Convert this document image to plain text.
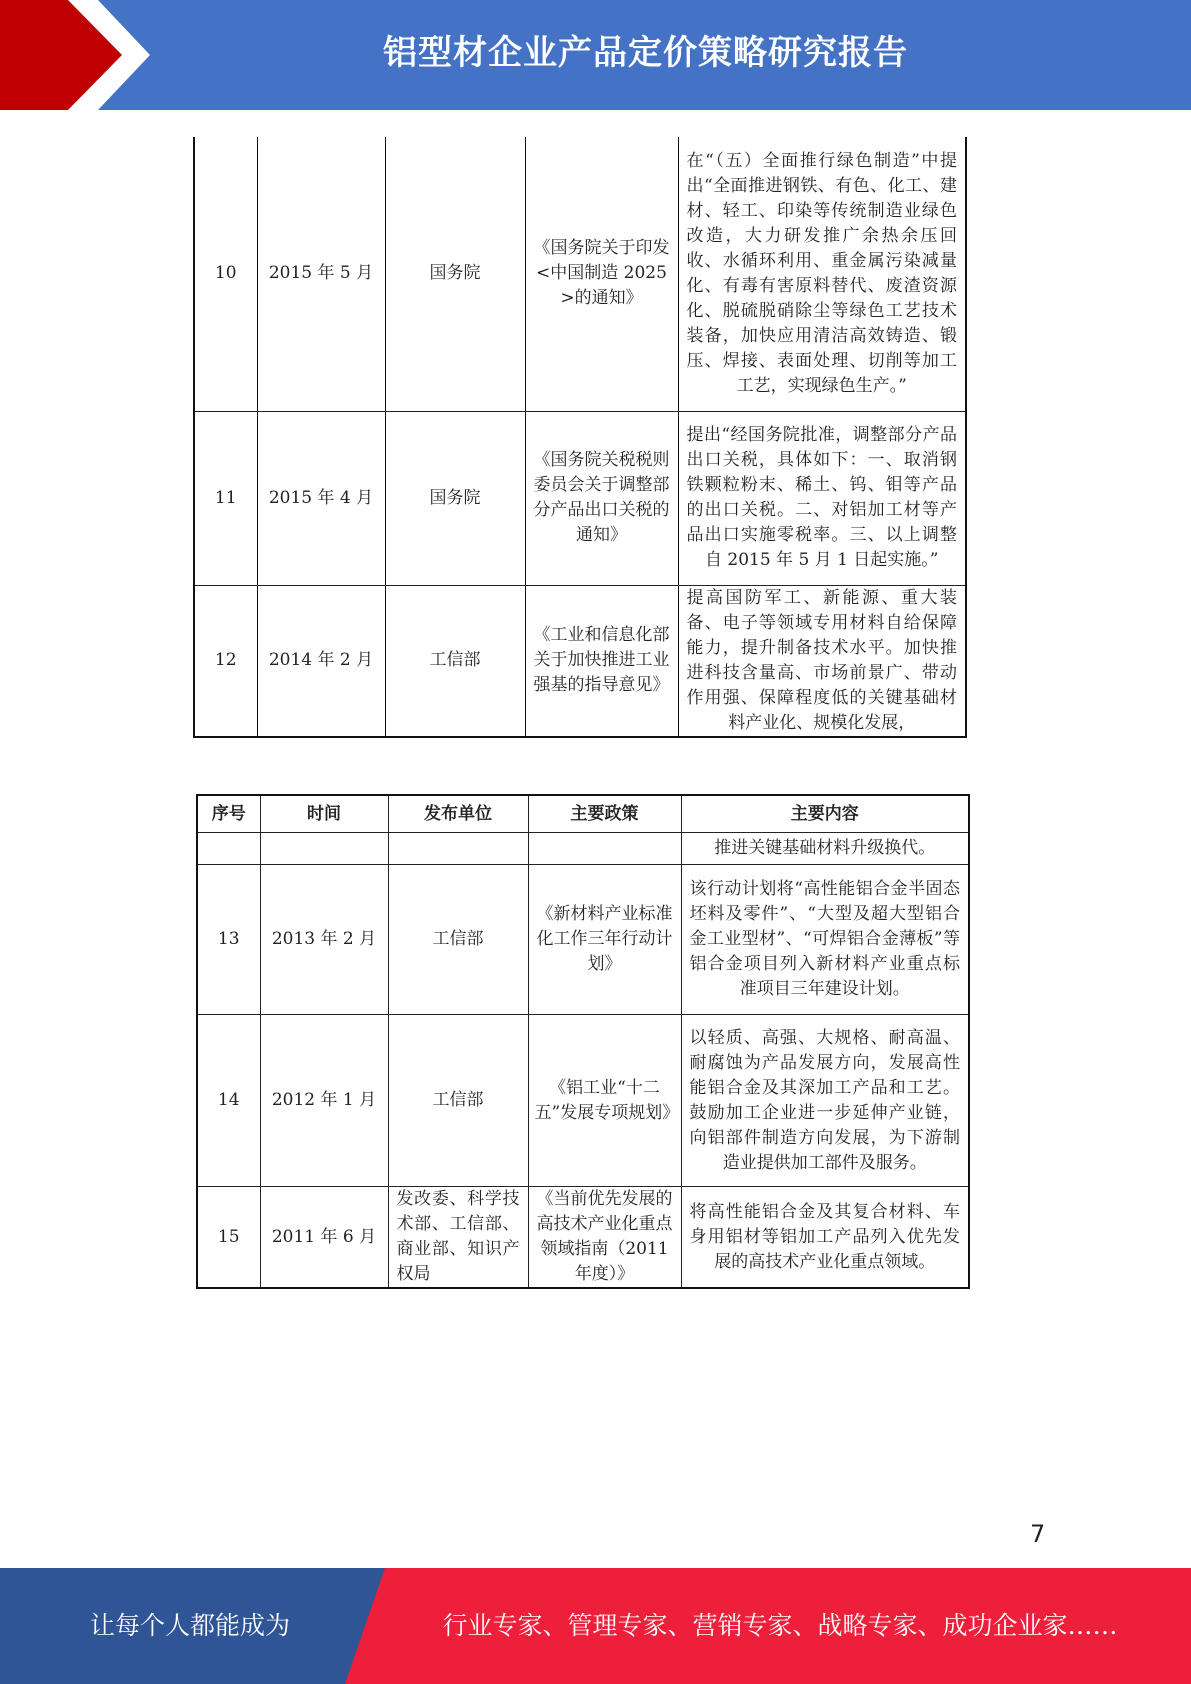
铝型材企业产品定价策略研究报告
10	2015 年 5 月	国务院	《国务院关于印发<中国制造 2025>的通知》	在“（五）全面推行绿色制造”中提出“全面推进钢铁、有色、化工、建材、轻工、印染等传统制造业绿色改造，大力研发推广余热余压回收、水循环利用、重金属污染减量化、有毒有害原料替代、废渣资源化、脱硫脱硝除尘等绿色工艺技术装备，加快应用清洁高效铸造、锻压、焊接、表面处理、切削等加工工艺，实现绿色生产。”
11	2015 年 4 月	国务院	《国务院关税税则委员会关于调整部分产品出口关税的通知》	提出“经国务院批准，调整部分产品出口关税，具体如下：一、取消钢铁颗粒粉末、稀土、钨、钼等产品的出口关税。二、对铝加工材等产品出口实施零税率。三、以上调整自 2015 年 5 月 1 日起实施。”
12	2014 年 2 月	工信部	《工业和信息化部关于加快推进工业强基的指导意见》	提高国防军工、新能源、重大装备、电子等领域专用材料自给保障能力，提升制备技术水平。加快推进科技含量高、市场前景广、带动作用强、保障程度低的关键基础材料产业化、规模化发展，
序号	时间	发布单位	主要政策	主要内容
				推进关键基础材料升级换代。
13	2013 年 2 月	工信部	《新材料产业标准化工作三年行动计划》	该行动计划将“高性能铝合金半固态坯料及零件”、“大型及超大型铝合金工业型材”、“可焊铝合金薄板”等铝合金项目列入新材料产业重点标准项目三年建设计划。
14	2012 年 1 月	工信部	《铝工业“十二五”发展专项规划》	以轻质、高强、大规格、耐高温、耐腐蚀为产品发展方向，发展高性能铝合金及其深加工产品和工艺。鼓励加工企业进一步延伸产业链，向铝部件制造方向发展，为下游制造业提供加工部件及服务。
15	2011 年 6 月	发改委、科学技术部、工信部、商业部、知识产权局	《当前优先发展的高技术产业化重点领域指南（2011 年度）》	将高性能铝合金及其复合材料、车身用铝材等铝加工产品列入优先发展的高技术产业化重点领域。
7
让每个人都能成为	行业专家、管理专家、营销专家、战略专家、成功企业家……
